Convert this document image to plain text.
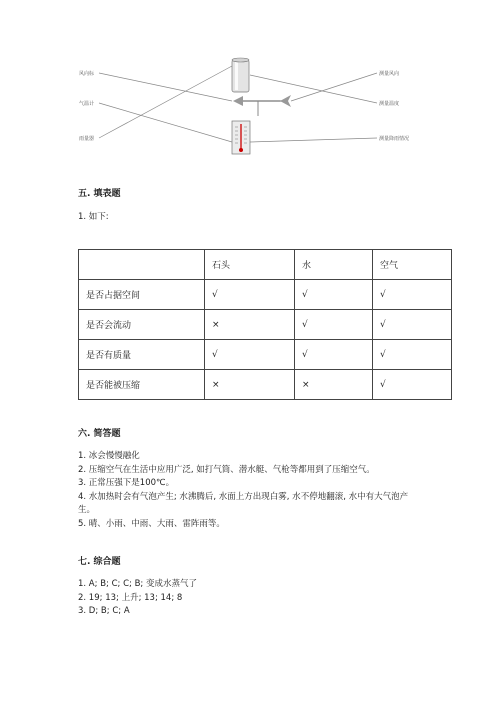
风向标
气温计
雨量器
测量风向
测量温度
测量降雨情况
五. 填表题
1. 如下:
	石头	水	空气
是否占据空间	√	√	√
是否会流动	×	√	√
是否有质量	√	√	√
是否能被压缩	×	×	√
六. 简答题
1. 冰会慢慢融化
2. 压缩空气在生活中应用广泛, 如打气筒、潜水艇、气枪等都用到了压缩空气。
3. 正常压强下是100℃。
4. 水加热时会有气泡产生; 水沸腾后, 水面上方出现白雾, 水不停地翻滚, 水中有大气泡产生。
5. 晴、小雨、中雨、大雨、雷阵雨等。
七. 综合题
1. A; B; C; C; B; 变成水蒸气了
2. 19; 13; 上升; 13; 14; 8
3. D; B; C; A
